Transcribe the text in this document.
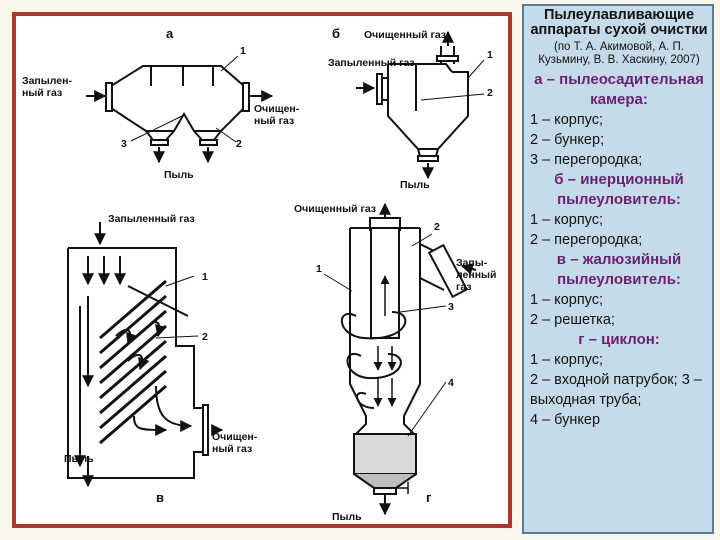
а
Запылен-
ный газ
Очищен-
ный газ
Пыль
1
2
3
б Очищенный газ
Запыленный газ
Пыль
1
2
Запыленный газ
Очищен-
ный газ
Пыль
в
1
2
Очищенный газ
Запы-
ленный
газ
Пыль
г
1
2
3
4

Пылеулавливающие аппараты сухой очистки

(по Т. А. Акимовой, А. П. Кузьмину, В. В. Хаскину, 2007)

а – пылеосадительная камера:

1 – корпус;

2 – бункер;

3 – перегородка;

б – инерционный пылеуловитель:

1 – корпус;

2 – перегородка;

в – жалюзийный пылеуловитель:

1 – корпус;

2 – решетка;

г – циклон:

1 – корпус;

2 – входной патрубок; 3 – выходная труба;

4 – бункер
